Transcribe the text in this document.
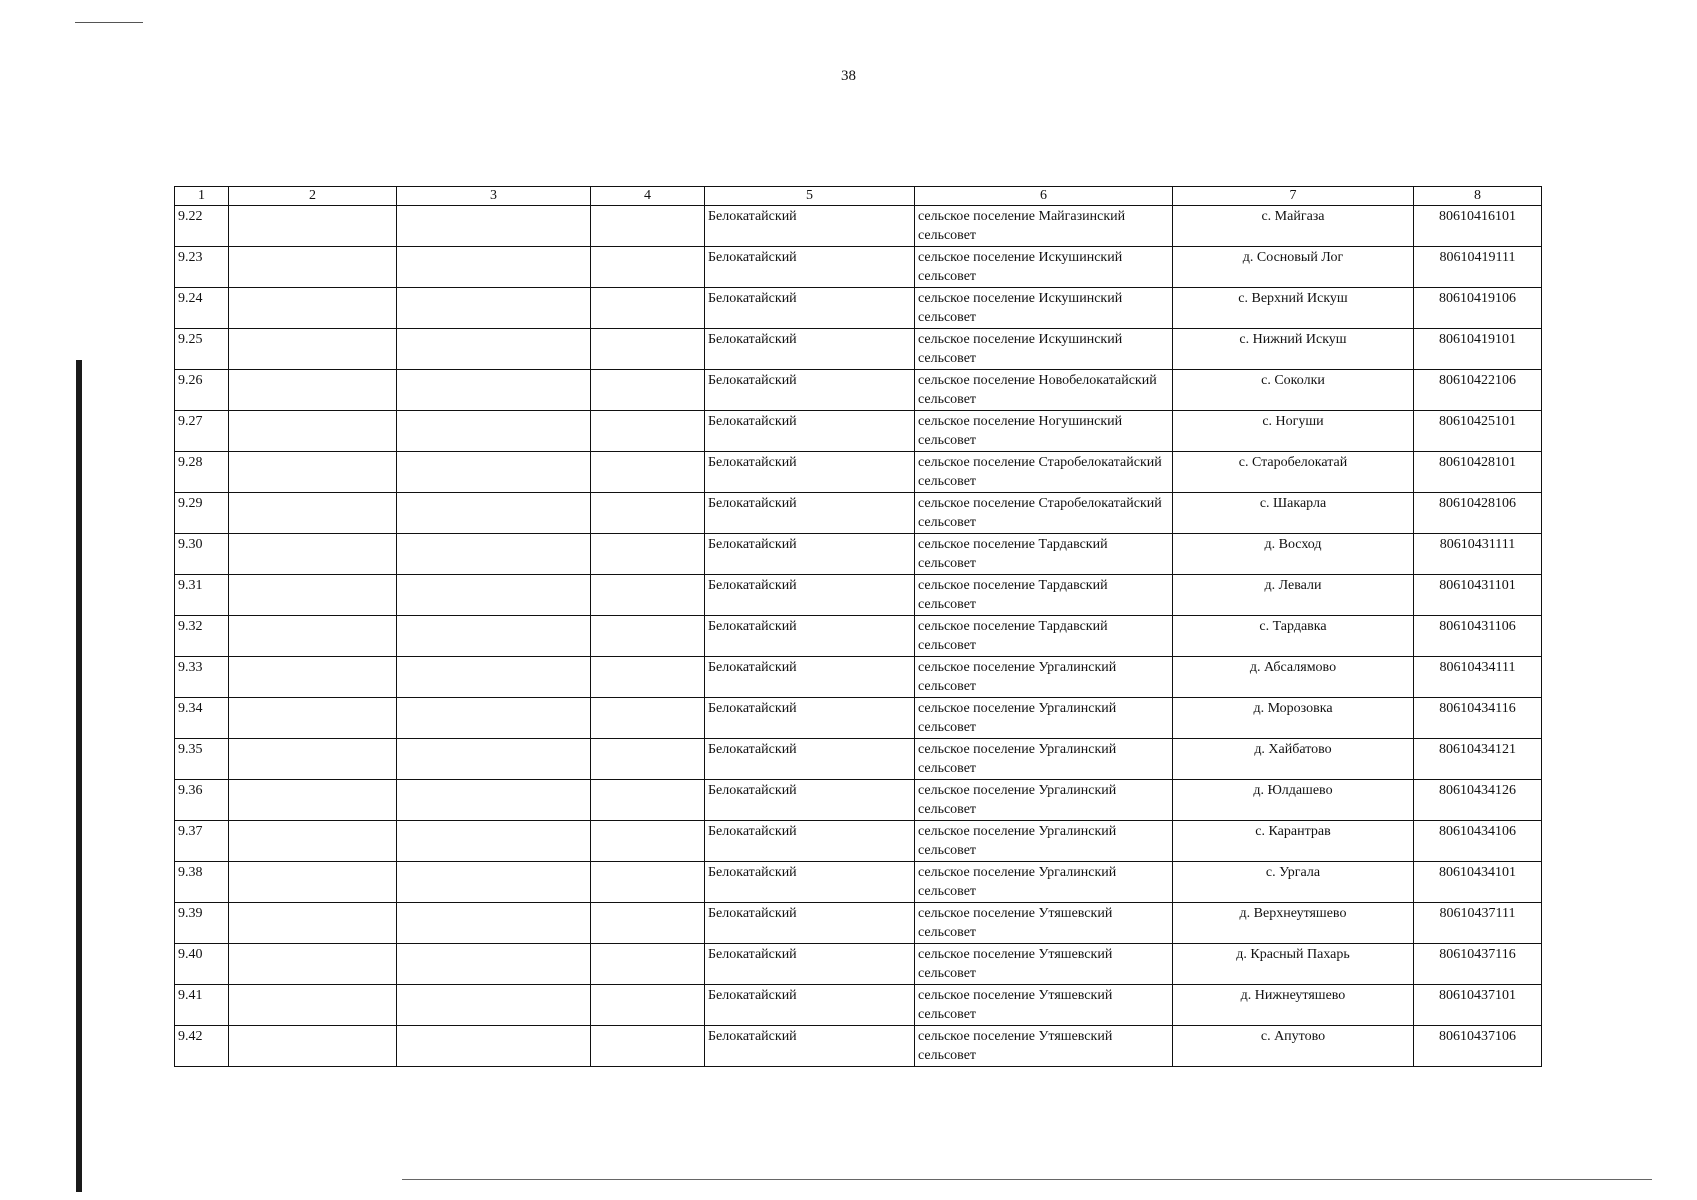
38
1	2	3	4	5	6	7	8
9.22				Белокатайский	сельское поселение Майгазинский сельсовет	с. Майгаза	80610416101
9.23				Белокатайский	сельское поселение Искушинский сельсовет	д. Сосновый Лог	80610419111
9.24				Белокатайский	сельское поселение Искушинский сельсовет	с. Верхний Искуш	80610419106
9.25				Белокатайский	сельское поселение Искушинский сельсовет	с. Нижний Искуш	80610419101
9.26				Белокатайский	сельское поселение Новобелокатайский сельсовет	с. Соколки	80610422106
9.27				Белокатайский	сельское поселение Ногушинский сельсовет	с. Ногуши	80610425101
9.28				Белокатайский	сельское поселение Старобелокатайский сельсовет	с. Старобелокатай	80610428101
9.29				Белокатайский	сельское поселение Старобелокатайский сельсовет	с. Шакарла	80610428106
9.30				Белокатайский	сельское поселение Тардавский сельсовет	д. Восход	80610431111
9.31				Белокатайский	сельское поселение Тардавский сельсовет	д. Левали	80610431101
9.32				Белокатайский	сельское поселение Тардавский сельсовет	с. Тардавка	80610431106
9.33				Белокатайский	сельское поселение Ургалинский сельсовет	д. Абсалямово	80610434111
9.34				Белокатайский	сельское поселение Ургалинский сельсовет	д. Морозовка	80610434116
9.35				Белокатайский	сельское поселение Ургалинский сельсовет	д. Хайбатово	80610434121
9.36				Белокатайский	сельское поселение Ургалинский сельсовет	д. Юлдашево	80610434126
9.37				Белокатайский	сельское поселение Ургалинский сельсовет	с. Карантрав	80610434106
9.38				Белокатайский	сельское поселение Ургалинский сельсовет	с. Ургала	80610434101
9.39				Белокатайский	сельское поселение Утяшевский сельсовет	д. Верхнеутяшево	80610437111
9.40				Белокатайский	сельское поселение Утяшевский сельсовет	д. Красный Пахарь	80610437116
9.41				Белокатайский	сельское поселение Утяшевский сельсовет	д. Нижнеутяшево	80610437101
9.42				Белокатайский	сельское поселение Утяшевский сельсовет	с. Апутово	80610437106
